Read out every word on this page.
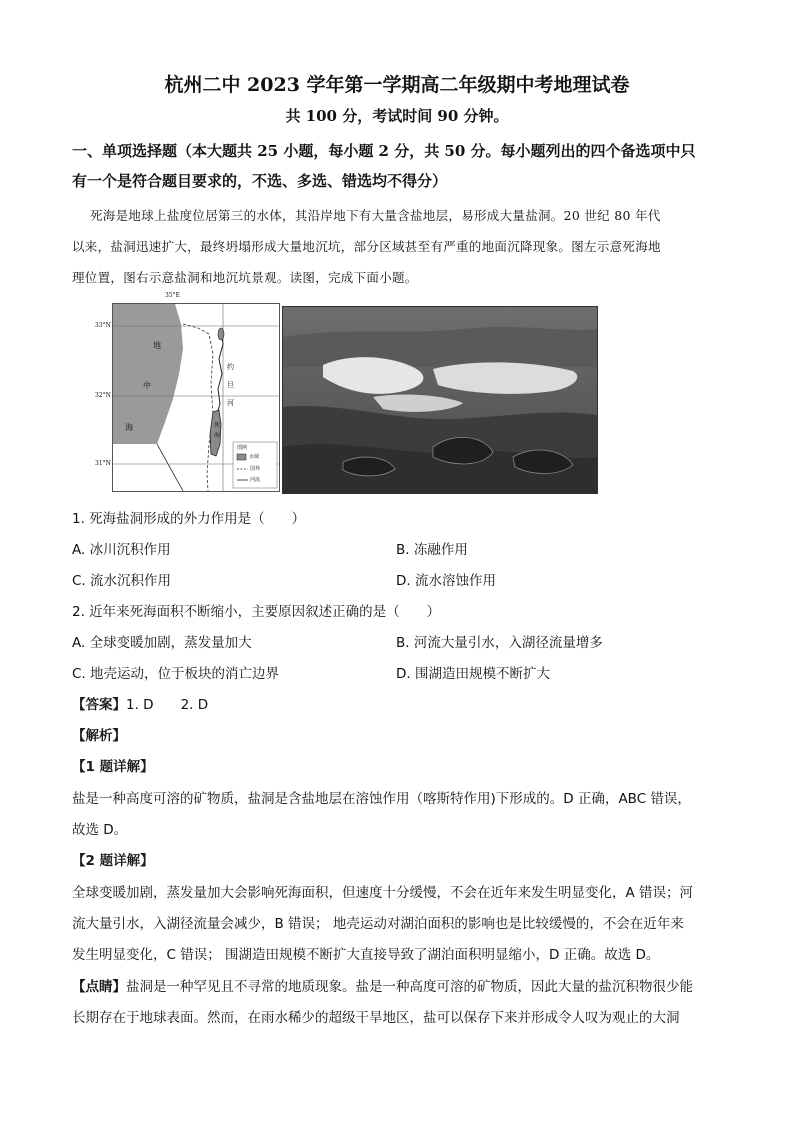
杭州二中 2023 学年第一学期高二年级期中考地理试卷
共 100 分，考试时间 90 分钟。
一、单项选择题（本大题共 25 小题，每小题 2 分，共 50 分。每小题列出的四个备选项中只
有一个是符合题目要求的，不选、多选、错选均不得分）
死海是地球上盐度位居第三的水体，其沿岸地下有大量含盐地层，易形成大量盐洞。20 世纪 80 年代
以来，盐洞迅速扩大，最终坍塌形成大量地沉坑，部分区域甚至有严重的地面沉降现象。图左示意死海地
理位置，图右示意盐洞和地沉坑景观。读图，完成下面小题。
35°E
33°N
32°N
31°N
地
中
海
约
旦
河
死
海
图例
水域
国界
河流
1. 死海盐洞形成的外力作用是（　　）
A. 冰川沉积作用	B. 冻融作用
C. 流水沉积作用	D. 流水溶蚀作用
2. 近年来死海面积不断缩小，主要原因叙述正确的是（　　）
A. 全球变暖加剧，蒸发量加大	B. 河流大量引水，入湖径流量增多
C. 地壳运动，位于板块的消亡边界	D. 围湖造田规模不断扩大
【答案】1. D　　2. D
【解析】
【1 题详解】
盐是一种高度可溶的矿物质，盐洞是含盐地层在溶蚀作用（喀斯特作用)下形成的。D 正确，ABC 错误，
故选 D。
【2 题详解】
全球变暖加剧，蒸发量加大会影响死海面积，但速度十分缓慢，不会在近年来发生明显变化，A 错误；河
流大量引水，入湖径流量会减少，B 错误； 地壳运动对湖泊面积的影响也是比较缓慢的，不会在近年来
发生明显变化，C 错误； 围湖造田规模不断扩大直接导致了湖泊面积明显缩小，D 正确。故选 D。
【点睛】盐洞是一种罕见且不寻常的地质现象。盐是一种高度可溶的矿物质，因此大量的盐沉积物很少能
长期存在于地球表面。然而，在雨水稀少的超级干旱地区，盐可以保存下来并形成令人叹为观止的大洞
